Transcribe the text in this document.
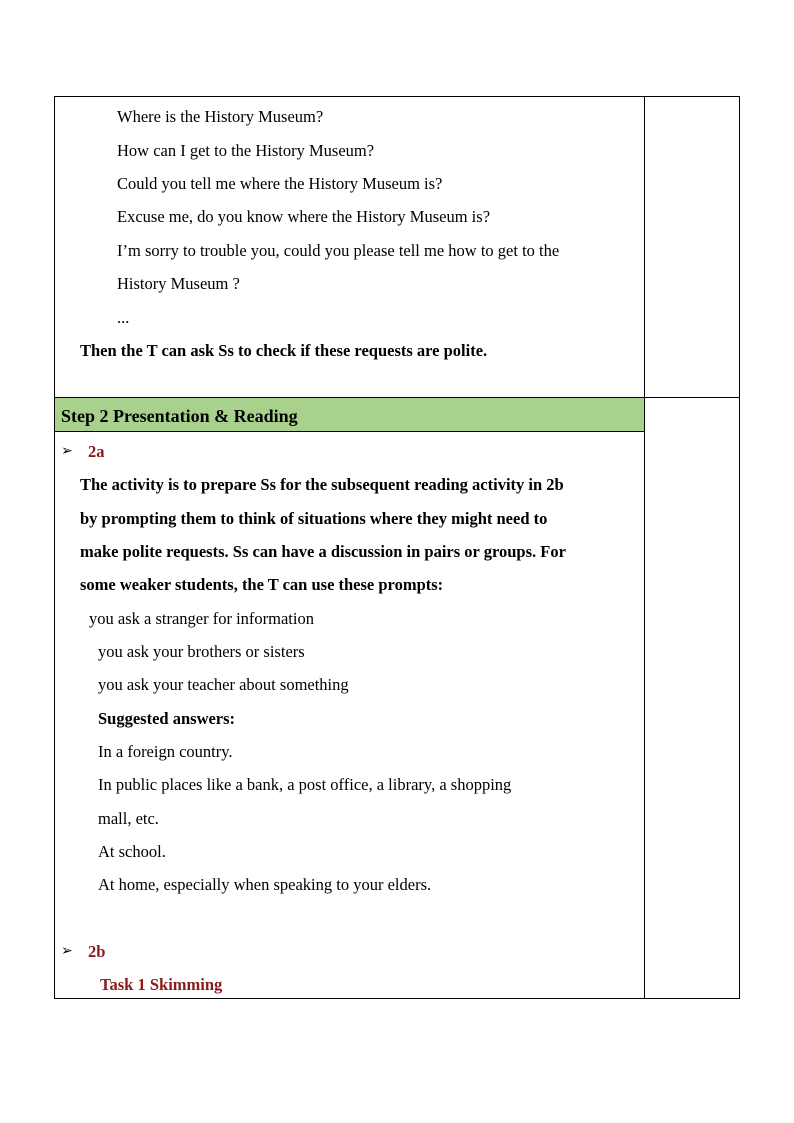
Where is the History Museum?
How can I get to the History Museum?
Could you tell me where the History Museum is?
Excuse me, do you know where the History Museum is?
I’m sorry to trouble you, could you please tell me how to get to the
History Museum ?
...
Then the T can ask Ss to check if these requests are polite.
Step 2 Presentation & Reading
➢ 2a
The activity is to prepare Ss for the subsequent reading activity in 2b
by prompting them to think of situations where they might need to
make polite requests. Ss can have a discussion in pairs or groups. For
some weaker students, the T can use these prompts:
you ask a stranger for information
you ask your brothers or sisters
you ask your teacher about something
Suggested answers:
In a foreign country.
In public places like a bank, a post office, a library, a shopping
mall, etc.
At school.
At home, especially when speaking to your elders.
➢ 2b
Task 1 Skimming
